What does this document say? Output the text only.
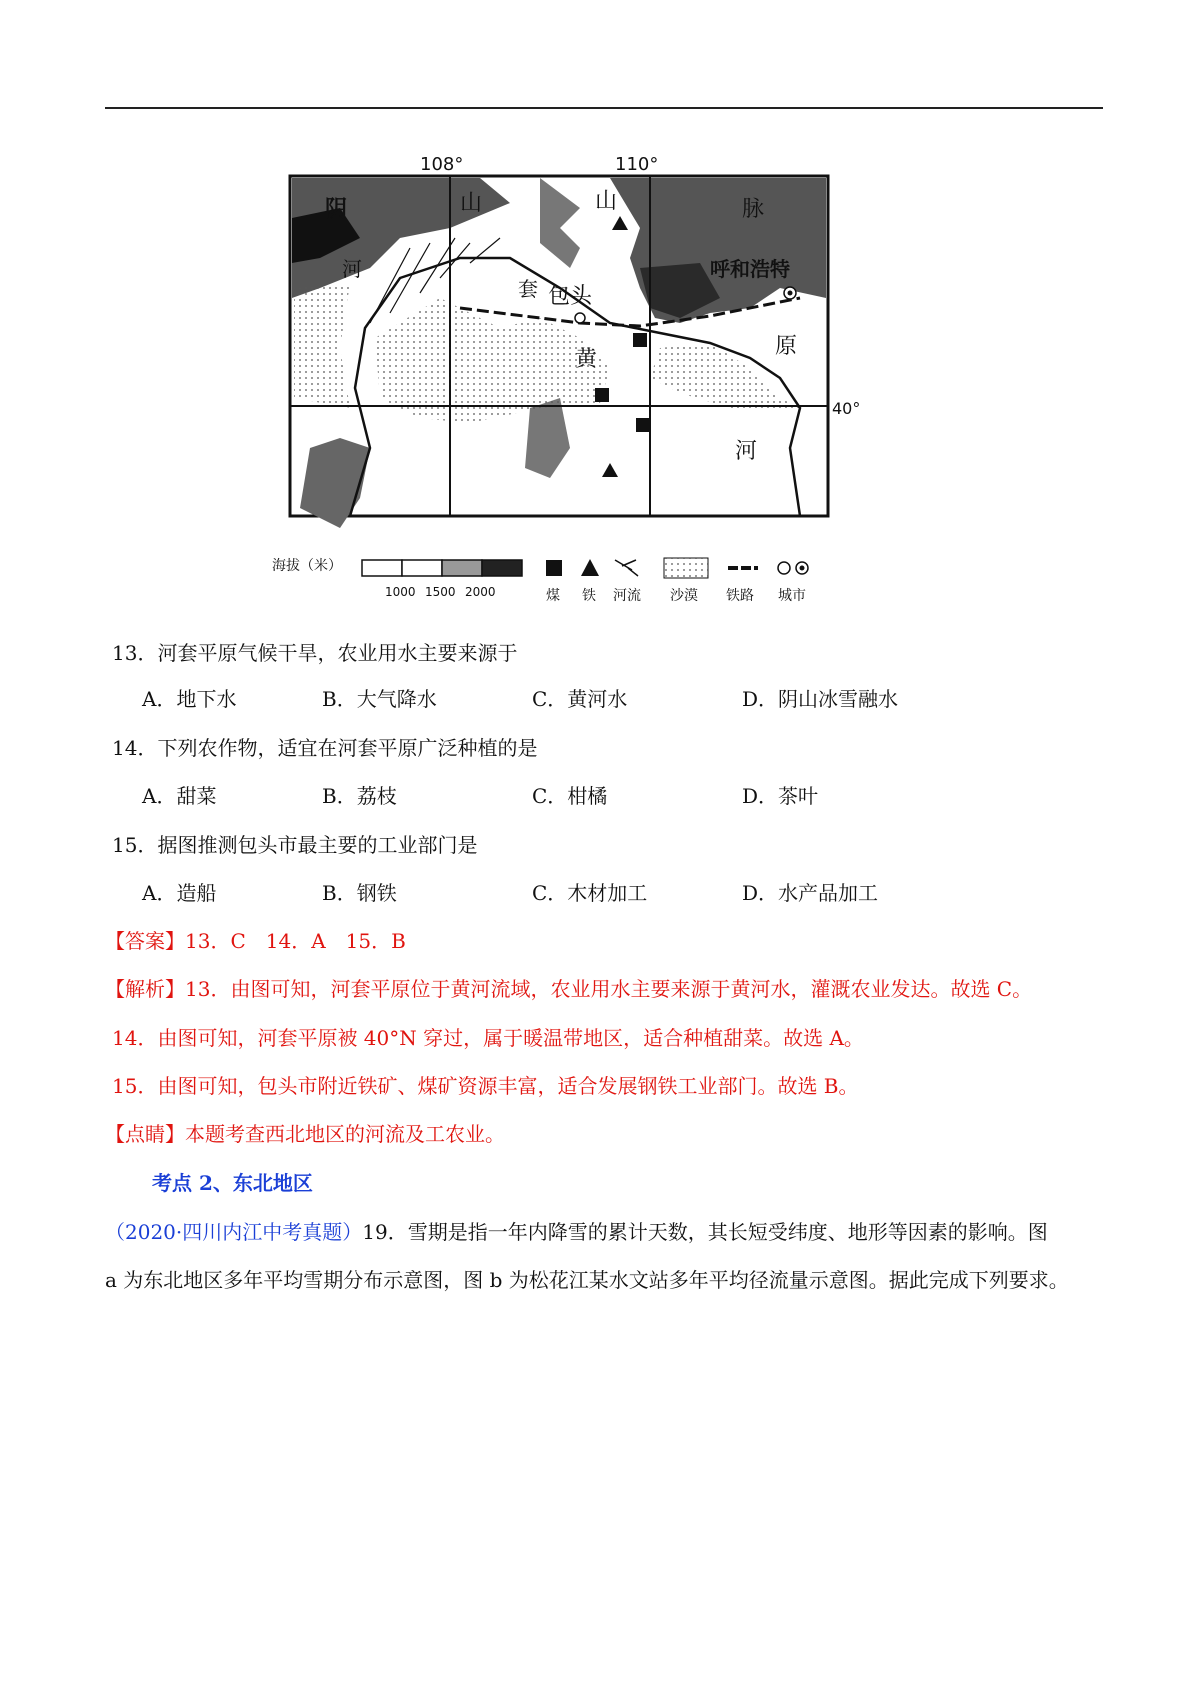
108°	110°
40°
阴	山	山	脉
河
套 包头
呼和浩特
原
黄
河
海拔（米）
1000 1500 2000	煤 铁 河流 沙漠 铁路 城市
13．河套平原气候干旱，农业用水主要来源于
A．地下水	B．大气降水	C．黄河水	D．阴山冰雪融水
14．下列农作物，适宜在河套平原广泛种植的是
A．甜菜	B．荔枝	C．柑橘	D．茶叶
15．据图推测包头市最主要的工业部门是
A．造船	B．钢铁	C．木材加工	D．水产品加工
【答案】13．C　14．A　15．B
【解析】13．由图可知，河套平原位于黄河流域，农业用水主要来源于黄河水，灌溉农业发达。故选 C。
14．由图可知，河套平原被 40°N 穿过，属于暖温带地区，适合种植甜菜。故选 A。
15．由图可知，包头市附近铁矿、煤矿资源丰富，适合发展钢铁工业部门。故选 B。
【点睛】本题考查西北地区的河流及工农业。
考点 2、东北地区
（2020·四川内江中考真题）19．雪期是指一年内降雪的累计天数，其长短受纬度、地形等因素的影响。图
a 为东北地区多年平均雪期分布示意图，图 b 为松花江某水文站多年平均径流量示意图。据此完成下列要求。
